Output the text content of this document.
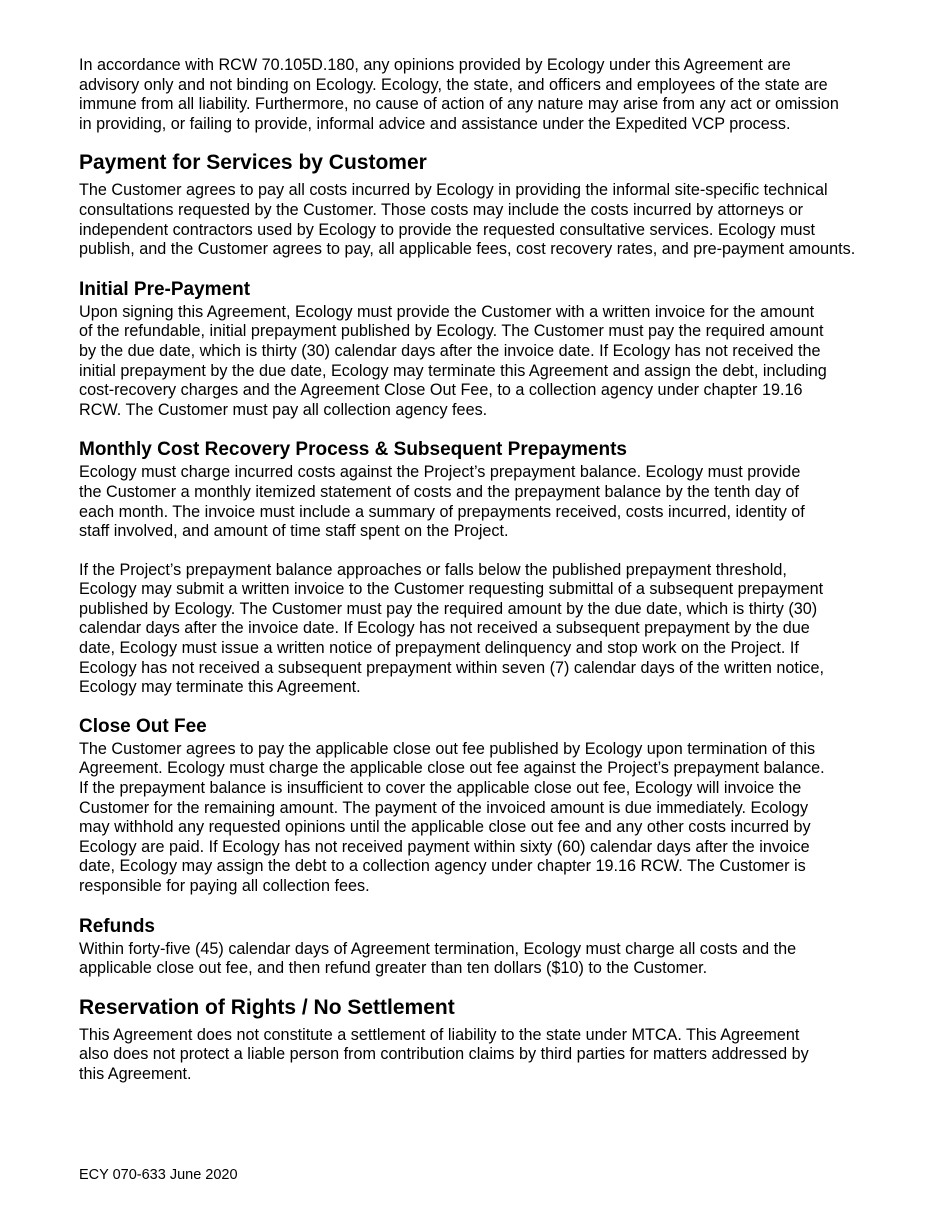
In accordance with RCW 70.105D.180, any opinions provided by Ecology under this Agreement are
advisory only and not binding on Ecology. Ecology, the state, and officers and employees of the state are
immune from all liability. Furthermore, no cause of action of any nature may arise from any act or omission
in providing, or failing to provide, informal advice and assistance under the Expedited VCP process.

Payment for Services by Customer

The Customer agrees to pay all costs incurred by Ecology in providing the informal site-specific technical
consultations requested by the Customer. Those costs may include the costs incurred by attorneys or
independent contractors used by Ecology to provide the requested consultative services. Ecology must
publish, and the Customer agrees to pay, all applicable fees, cost recovery rates, and pre-payment amounts.

Initial Pre-Payment

Upon signing this Agreement, Ecology must provide the Customer with a written invoice for the amount
of the refundable, initial prepayment published by Ecology. The Customer must pay the required amount
by the due date, which is thirty (30) calendar days after the invoice date. If Ecology has not received the
initial prepayment by the due date, Ecology may terminate this Agreement and assign the debt, including
cost-recovery charges and the Agreement Close Out Fee, to a collection agency under chapter 19.16
RCW. The Customer must pay all collection agency fees.

Monthly Cost Recovery Process & Subsequent Prepayments

Ecology must charge incurred costs against the Project’s prepayment balance. Ecology must provide
the Customer a monthly itemized statement of costs and the prepayment balance by the tenth day of
each month. The invoice must include a summary of prepayments received, costs incurred, identity of
staff involved, and amount of time staff spent on the Project.

If the Project’s prepayment balance approaches or falls below the published prepayment threshold,
Ecology may submit a written invoice to the Customer requesting submittal of a subsequent prepayment
published by Ecology. The Customer must pay the required amount by the due date, which is thirty (30)
calendar days after the invoice date. If Ecology has not received a subsequent prepayment by the due
date, Ecology must issue a written notice of prepayment delinquency and stop work on the Project. If
Ecology has not received a subsequent prepayment within seven (7) calendar days of the written notice,
Ecology may terminate this Agreement.

Close Out Fee

The Customer agrees to pay the applicable close out fee published by Ecology upon termination of this
Agreement. Ecology must charge the applicable close out fee against the Project’s prepayment balance.
If the prepayment balance is insufficient to cover the applicable close out fee, Ecology will invoice the
Customer for the remaining amount. The payment of the invoiced amount is due immediately. Ecology
may withhold any requested opinions until the applicable close out fee and any other costs incurred by
Ecology are paid. If Ecology has not received payment within sixty (60) calendar days after the invoice
date, Ecology may assign the debt to a collection agency under chapter 19.16 RCW. The Customer is
responsible for paying all collection fees.

Refunds

Within forty-five (45) calendar days of Agreement termination, Ecology must charge all costs and the
applicable close out fee, and then refund greater than ten dollars ($10) to the Customer.

Reservation of Rights / No Settlement

This Agreement does not constitute a settlement of liability to the state under MTCA. This Agreement
also does not protect a liable person from contribution claims by third parties for matters addressed by
this Agreement.

ECY 070-633 June 2020
